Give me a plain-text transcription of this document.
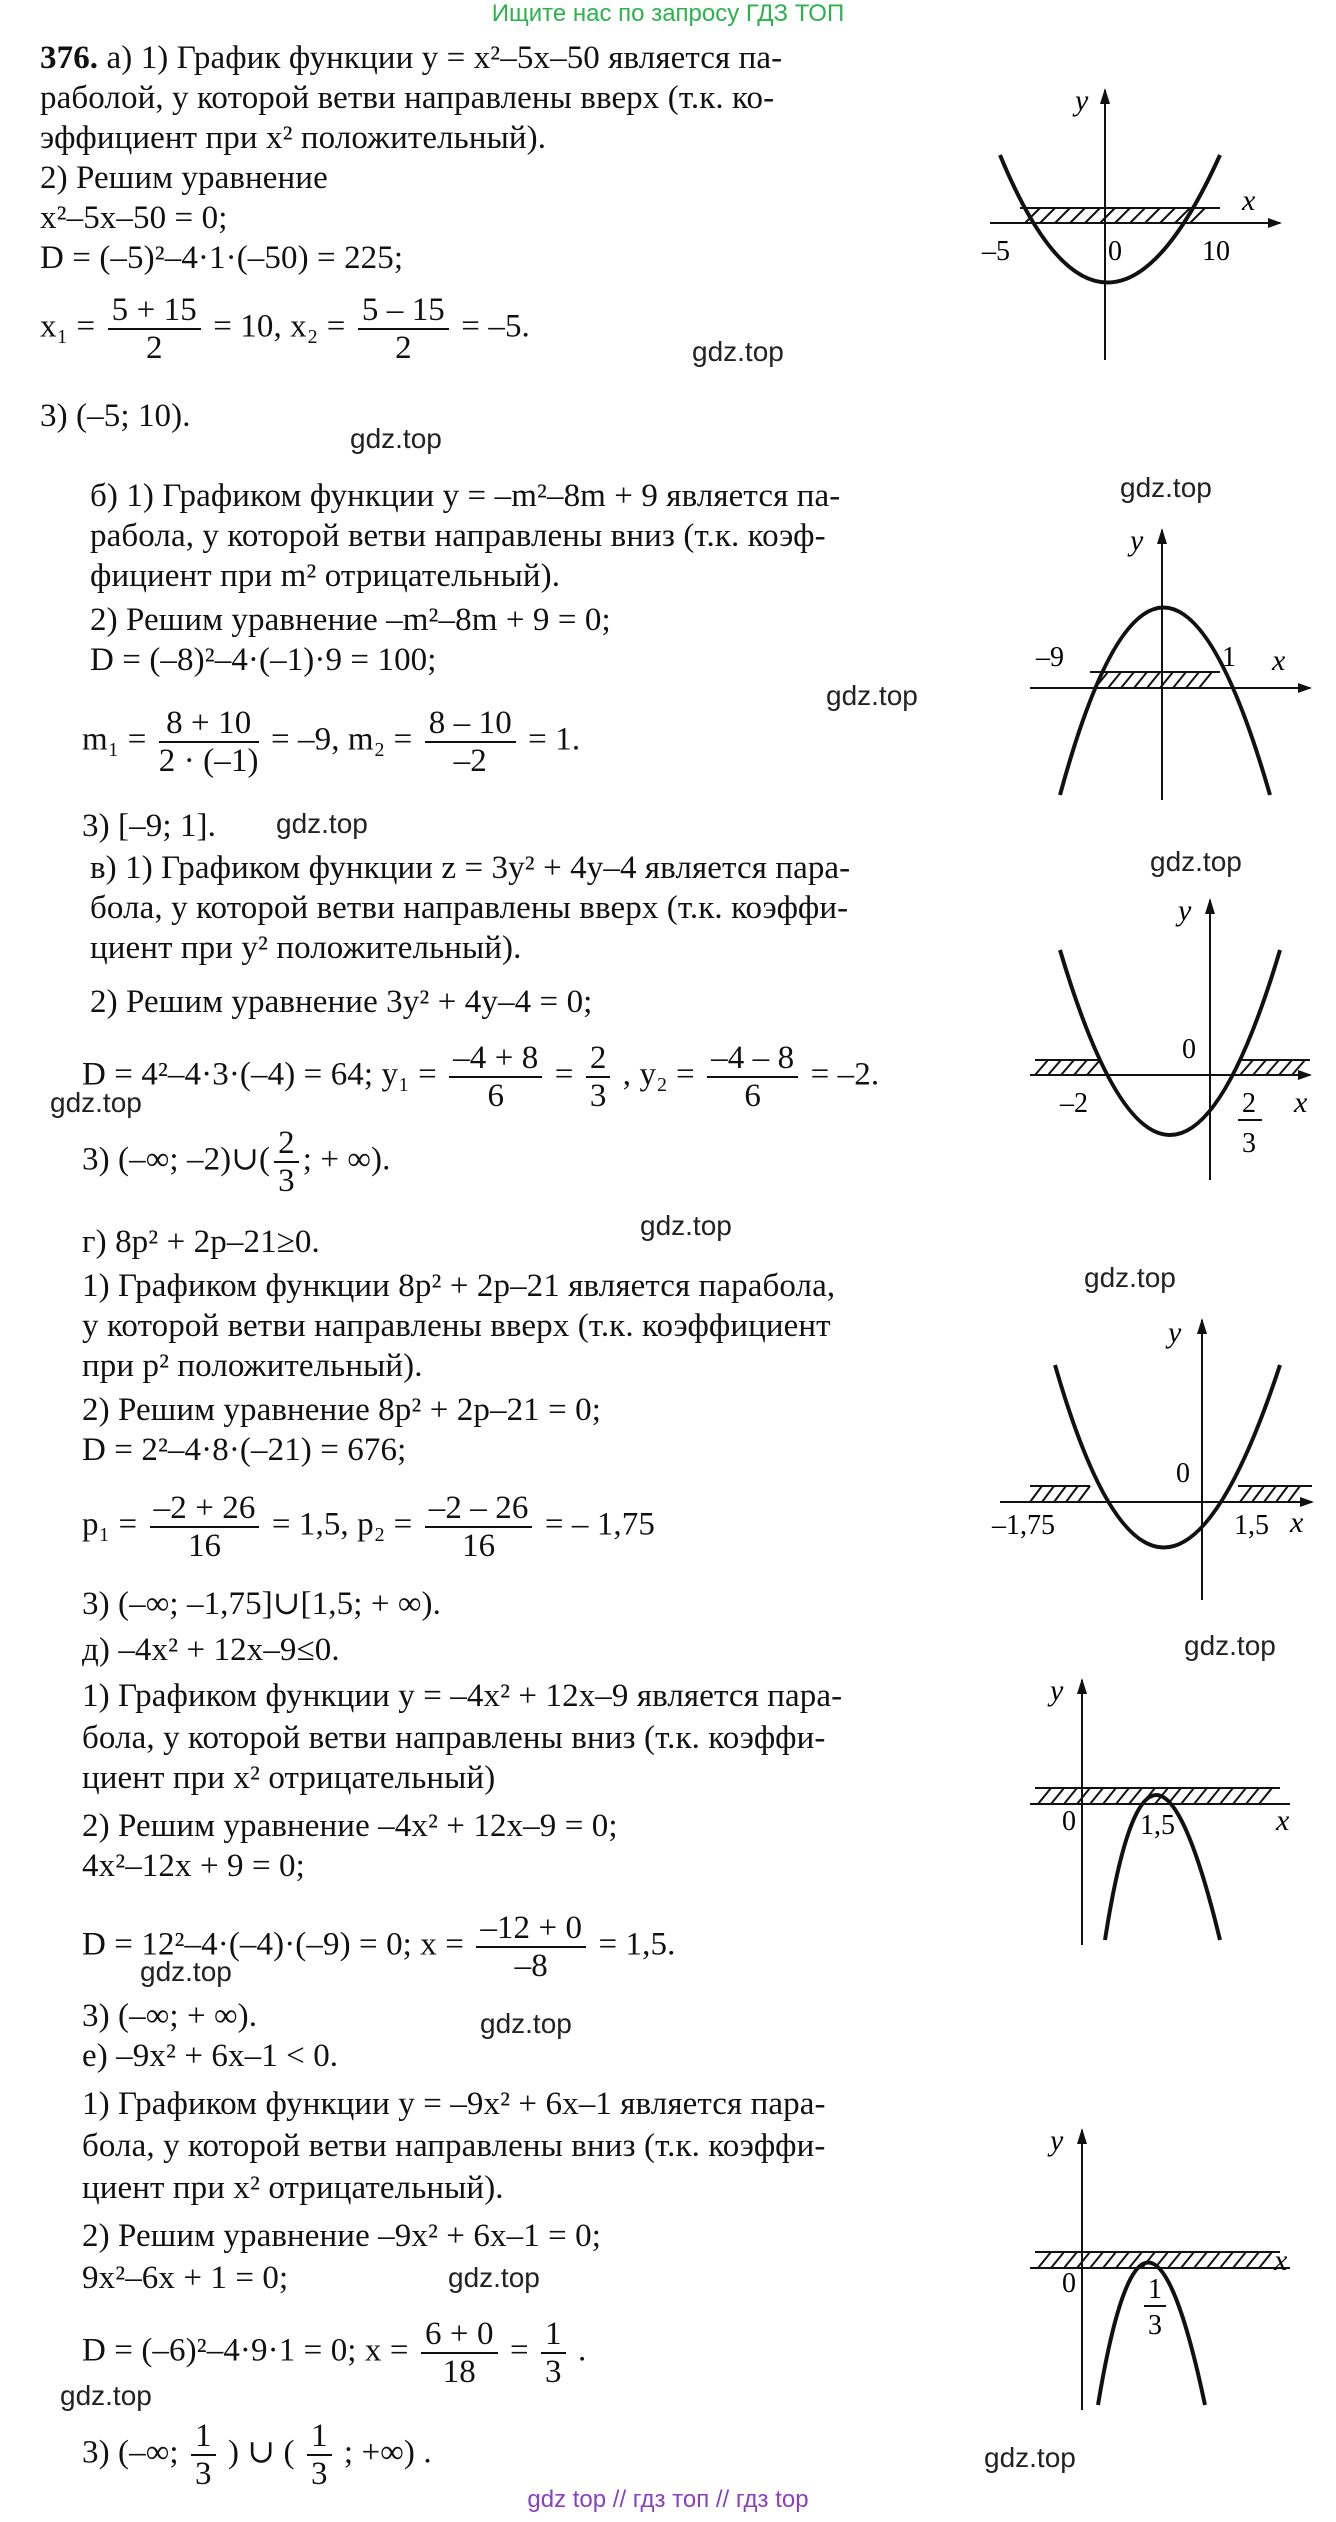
Ищите нас по запросу ГДЗ ТОП
376. а) 1) График функции y = x²–5x–50 является па-
раболой, у которой ветви направлены вверх (т.к. ко-
эффициент при x² положительный).
2) Решим уравнение
x²–5x–50 = 0;
D = (–5)²–4·1·(–50) = 225;
$x_1 = \frac{5 + 15}{2} = 10$, $x_2 = \frac{5 - 15}{2} = -5$.
3) (–5; 10).
gdz.top
gdz.top
y
x
–5	0	10
gdz.top
б) 1) Графиком функции y = –m²–8m + 9 является па-
рабола, у которой ветви направлены вниз (т.к. коэф-
фициент при m² отрицательный).
2) Решим уравнение –m²–8m + 9 = 0;
D = (–8)²–4·(–1)·9 = 100;
gdz.top
$m_1 = \frac{8 + 10}{2 \cdot (-1)} = -9$, $m_2 = \frac{8 - 10}{-2} = 1$.
3) [–9; 1]. gdz.top
y
x
–9	1
в) 1) Графиком функции z = 3y² + 4y–4 является пара-	gdz.top
бола, у которой ветви направлены вверх (т.к. коэффи-
циент при y² положительный).
2) Решим уравнение 3y² + 4y–4 = 0;
D = 4²–4·3·(–4) = 64; $y_1 = \frac{-4 + 8}{6} = \frac{2}{3}$ , $y_2 = \frac{-4 - 8}{6} = -2$.
gdz.top
3) (–∞; –2)∪( $\frac{2}{3}$ ; + ∞).
y
x
–2
0
2
3
gdz.top
г) 8p² + 2p–21≥0.
gdz.top
1) Графиком функции 8p² + 2p–21 является парабола,
у которой ветви направлены вверх (т.к. коэффициент
при p² положительный).
2) Решим уравнение 8p² + 2p–21 = 0;
D = 2²–4·8·(–21) = 676;
$p_1 = \frac{-2 + 26}{16} = 1,5$, $p_2 = \frac{-2 - 26}{16}$ = – 1,75
3) (–∞; –1,75]∪[1,5; + ∞).
y
x
–1,75
0
1,5
д) –4x² + 12x–9≤0.	gdz.top
1) Графиком функции y = –4x² + 12x–9 является пара-
бола, у которой ветви направлены вниз (т.к. коэффи-
циент при x² отрицательный)
2) Решим уравнение –4x² + 12x–9 = 0;
4x²–12x + 9 = 0;
D = 12²–4·(–4)·(–9) = 0; $x = \frac{-12 + 0}{-8} = 1,5$.
gdz.top
3) (–∞; + ∞).	gdz.top
y
x
0 1,5
е) –9x² + 6x–1 < 0.
1) Графиком функции y = –9x² + 6x–1 является пара-
бола, у которой ветви направлены вниз (т.к. коэффи-
циент при x² отрицательный).
2) Решим уравнение –9x² + 6x–1 = 0;
9x²–6x + 1 = 0;	gdz.top
D = (–6)²–4·9·1 = 0; $x = \frac{6 + 0}{18} = \frac{1}{3}$ .
gdz.top
3) (–∞; $\frac{1}{3}$ ) ∪ ( $\frac{1}{3}$ ; +∞) .	gdz.top
y
x
0	1
3
gdz top // гдз топ // гдз top
